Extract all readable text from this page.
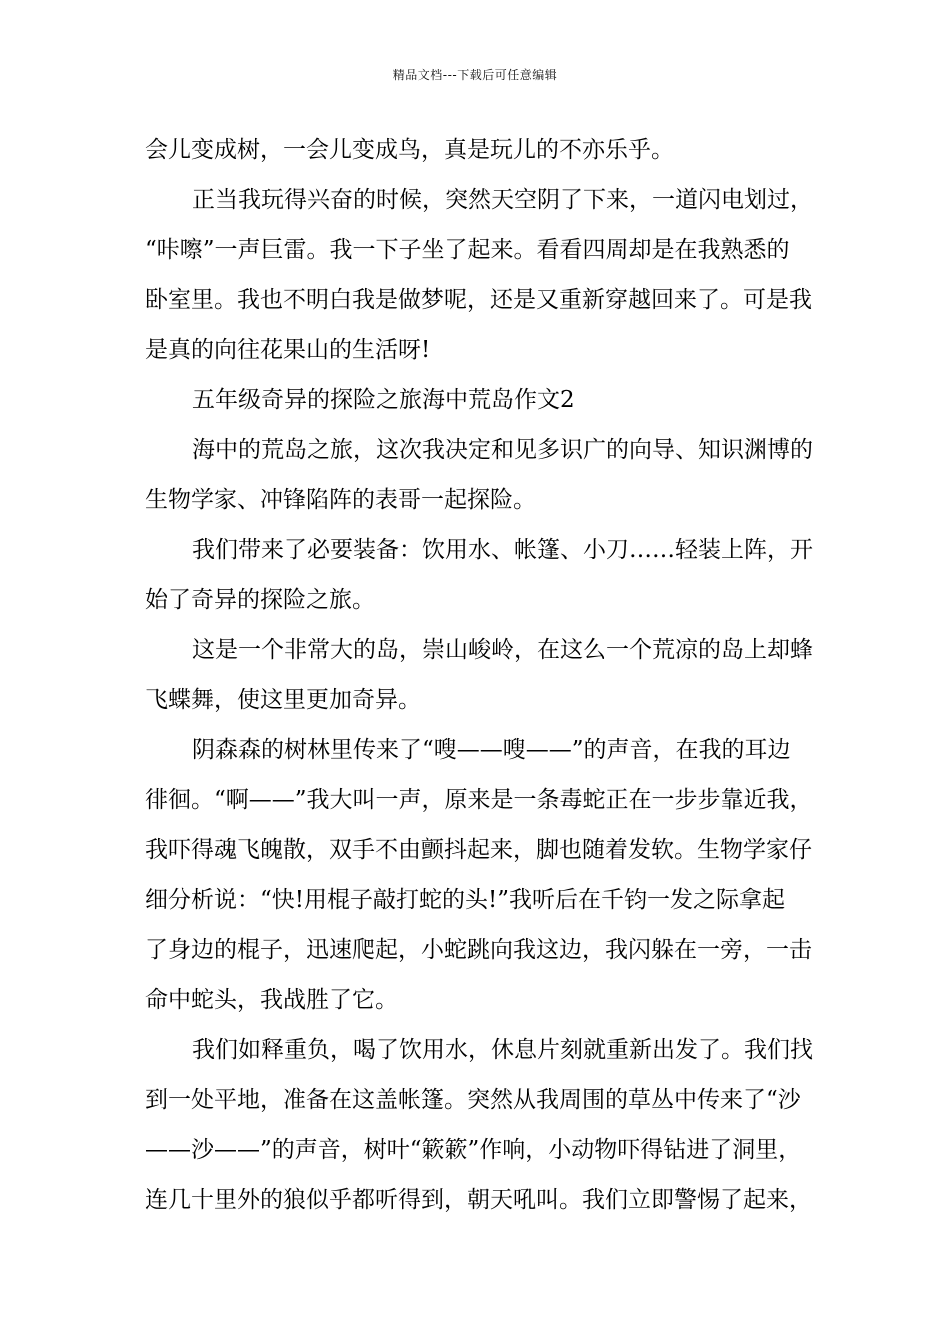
精品文档---下载后可任意编辑
会儿变成树，一会儿变成鸟，真是玩儿的不亦乐乎。
正当我玩得兴奋的时候，突然天空阴了下来，一道闪电划过，
“咔嚓”一声巨雷。我一下子坐了起来。看看四周却是在我熟悉的
卧室里。我也不明白我是做梦呢，还是又重新穿越回来了。可是我
是真的向往花果山的生活呀!
五年级奇异的探险之旅海中荒岛作文2
海中的荒岛之旅，这次我决定和见多识广的向导、知识渊博的
生物学家、冲锋陷阵的表哥一起探险。
我们带来了必要装备：饮用水、帐篷、小刀……轻装上阵，开
始了奇异的探险之旅。
这是一个非常大的岛，崇山峻岭，在这么一个荒凉的岛上却蜂
飞蝶舞，使这里更加奇异。
阴森森的树林里传来了“嗖——嗖——”的声音，在我的耳边
徘徊。“啊——”我大叫一声，原来是一条毒蛇正在一步步靠近我，
我吓得魂飞魄散，双手不由颤抖起来，脚也随着发软。生物学家仔
细分析说：“快!用棍子敲打蛇的头!”我听后在千钧一发之际拿起
了身边的棍子，迅速爬起，小蛇跳向我这边，我闪躲在一旁，一击
命中蛇头，我战胜了它。
我们如释重负，喝了饮用水，休息片刻就重新出发了。我们找
到一处平地，准备在这盖帐篷。突然从我周围的草丛中传来了“沙
——沙——”的声音，树叶“簌簌”作响，小动物吓得钻进了洞里，
连几十里外的狼似乎都听得到，朝天吼叫。我们立即警惕了起来，
